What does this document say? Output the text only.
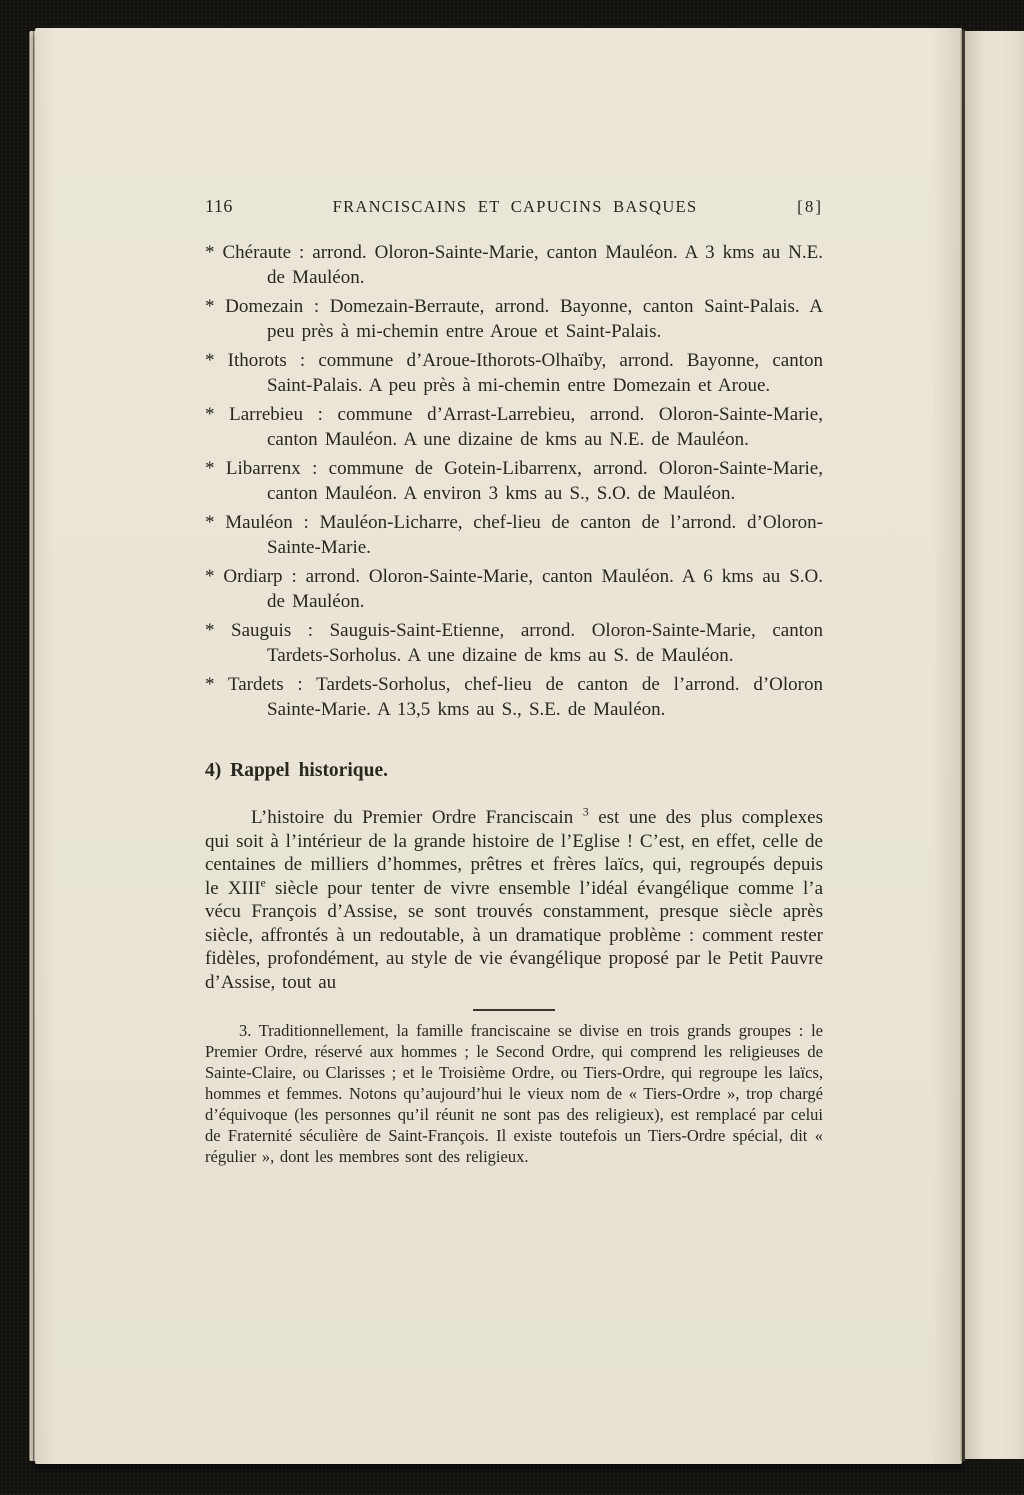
116	FRANCISCAINS ET CAPUCINS BASQUES	[8]

* Chéraute : arrond. Oloron-Sainte-Marie, canton Mauléon. A 3 kms au N.E. de Mauléon.

* Domezain : Domezain-Berraute, arrond. Bayonne, canton Saint-Palais. A peu près à mi-chemin entre Aroue et Saint-Palais.

* Ithorots : commune d’Aroue-Ithorots-Olhaïby, arrond. Bayonne, canton Saint-Palais. A peu près à mi-chemin entre Domezain et Aroue.

* Larrebieu : commune d’Arrast-Larrebieu, arrond. Oloron-Sainte-Marie, canton Mauléon. A une dizaine de kms au N.E. de Mauléon.

* Libarrenx : commune de Gotein-Libarrenx, arrond. Oloron-Sainte-Marie, canton Mauléon. A environ 3 kms au S., S.O. de Mauléon.

* Mauléon : Mauléon-Licharre, chef-lieu de canton de l’arrond. d’Oloron-Sainte-Marie.

* Ordiarp : arrond. Oloron-Sainte-Marie, canton Mauléon. A 6 kms au S.O. de Mauléon.

* Sauguis : Sauguis-Saint-Etienne, arrond. Oloron-Sainte-Marie, canton Tardets-Sorholus. A une dizaine de kms au S. de Mauléon.

* Tardets : Tardets-Sorholus, chef-lieu de canton de l’arrond. d’Oloron Sainte-Marie. A 13,5 kms au S., S.E. de Mauléon.

4) Rappel historique.

L’histoire du Premier Ordre Franciscain $^3$ est une des plus complexes qui soit à l’intérieur de la grande histoire de l’Eglise ! C’est, en effet, celle de centaines de milliers d’hommes, prêtres et frères laïcs, qui, regroupés depuis le XIIIe siècle pour tenter de vivre ensemble l’idéal évangélique comme l’a vécu François d’Assise, se sont trouvés constamment, presque siècle après siècle, affrontés à un redoutable, à un dramatique problème : comment rester fidèles, profondément, au style de vie évangélique proposé par le Petit Pauvre d’Assise, tout au

3. Traditionnellement, la famille franciscaine se divise en trois grands groupes : le Premier Ordre, réservé aux hommes ; le Second Ordre, qui comprend les religieuses de Sainte-Claire, ou Clarisses ; et le Troisième Ordre, ou Tiers-Ordre, qui regroupe les laïcs, hommes et femmes. Notons qu’aujourd’hui le vieux nom de « Tiers-Ordre », trop chargé d’équivoque (les personnes qu’il réunit ne sont pas des religieux), est remplacé par celui de Fraternité séculière de Saint-François. Il existe toutefois un Tiers-Ordre spécial, dit « régulier », dont les membres sont des religieux.
